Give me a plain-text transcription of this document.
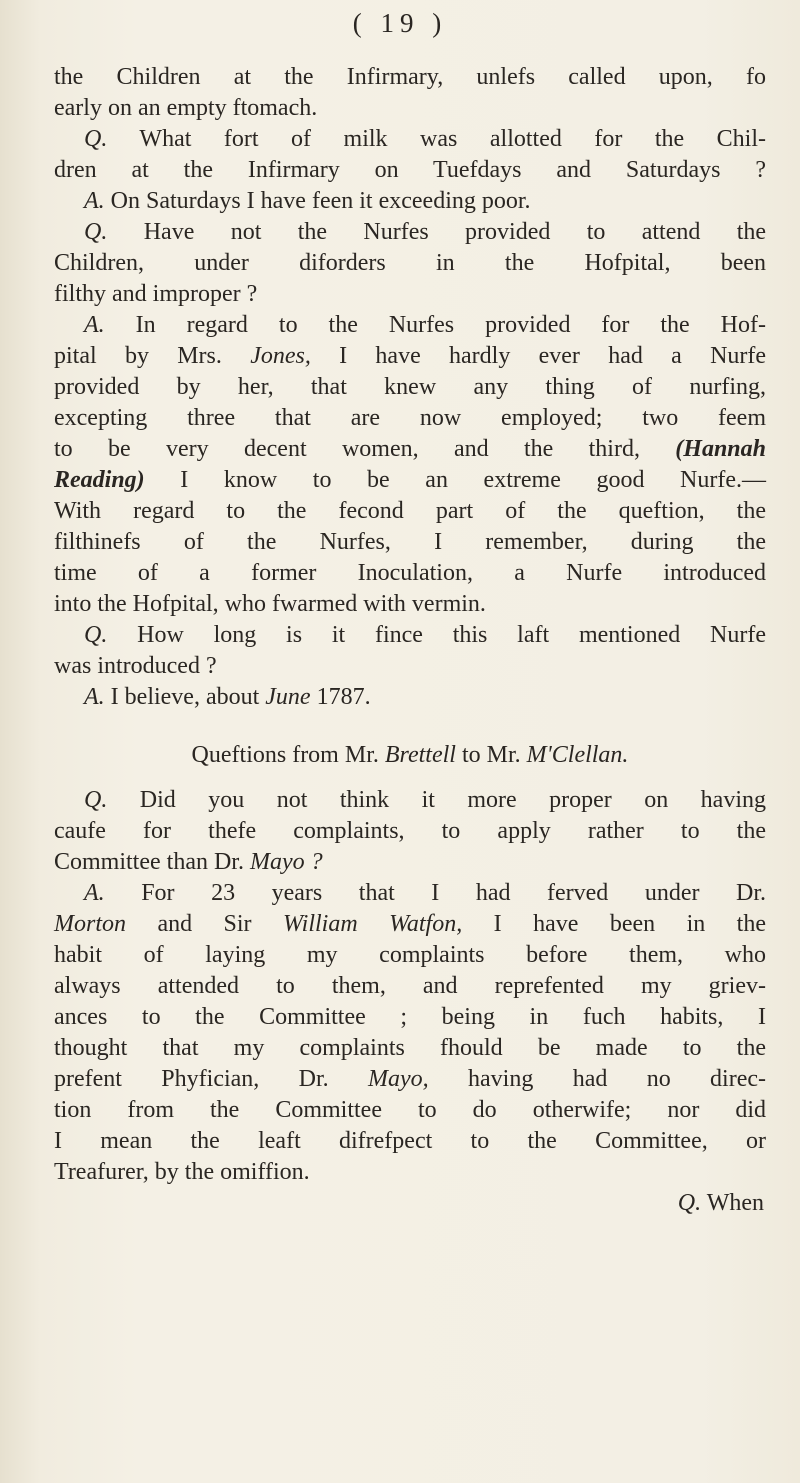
( 19 )
the Children at the Infirmary, unlefs called upon, fo
early on an empty ftomach.
Q. What fort of milk was allotted for the Chil-
dren at the Infirmary on Tuefdays and Saturdays ?
A. On Saturdays I have feen it exceeding poor.
Q. Have not the Nurfes provided to attend the
Children, under diforders in the Hofpital, been
filthy and improper ?
A. In regard to the Nurfes provided for the Hof-
pital by Mrs. Jones, I have hardly ever had a Nurfe
provided by her, that knew any thing of nurfing,
excepting three that are now employed; two feem
to be very decent women, and the third, (Hannah
Reading) I know to be an extreme good Nurfe.—
With regard to the fecond part of the queftion, the
filthinefs of the Nurfes, I remember, during the
time of a former Inoculation, a Nurfe introduced
into the Hofpital, who fwarmed with vermin.
Q. How long is it fince this laft mentioned Nurfe
was introduced ?
A. I believe, about June 1787.
Queftions from Mr. Brettell to Mr. M'Clellan.
Q. Did you not think it more proper on having
caufe for thefe complaints, to apply rather to the
Committee than Dr. Mayo ?
A. For 23 years that I had ferved under Dr.
Morton and Sir William Watfon, I have been in the
habit of laying my complaints before them, who
always attended to them, and reprefented my griev-
ances to the Committee ; being in fuch habits, I
thought that my complaints fhould be made to the
prefent Phyfician, Dr. Mayo, having had no direc-
tion from the Committee to do otherwife; nor did
I mean the leaft difrefpect to the Committee, or
Treafurer, by the omiffion.
Q. When
